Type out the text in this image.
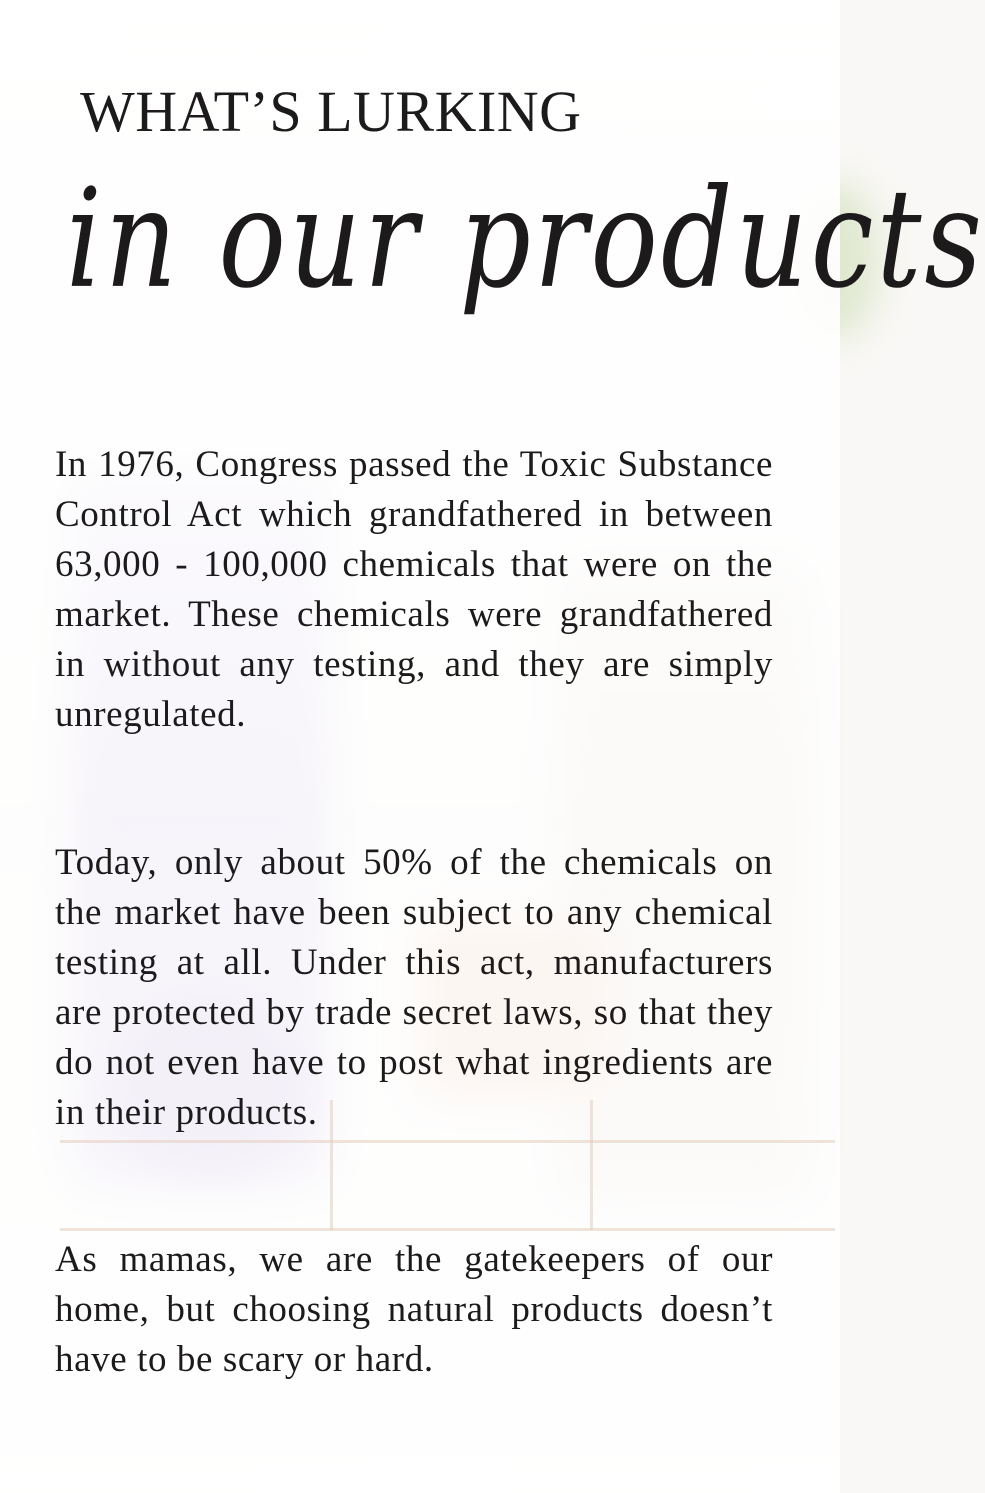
WHAT’S LURKING
in our products

In 1976, Congress passed the Toxic Substance Control Act which grandfathered in between 63,000 - 100,000 chemicals that were on the market. These chemicals were grandfathered in without any testing, and they are simply unregulated.

Today, only about 50% of the chemicals on the market have been subject to any chemical testing at all. Under this act, manufacturers are protected by trade secret laws, so that they do not even have to post what ingredients are in their products.

As mamas, we are the gatekeepers of our home, but choosing natural products doesn’t have to be scary or hard.
